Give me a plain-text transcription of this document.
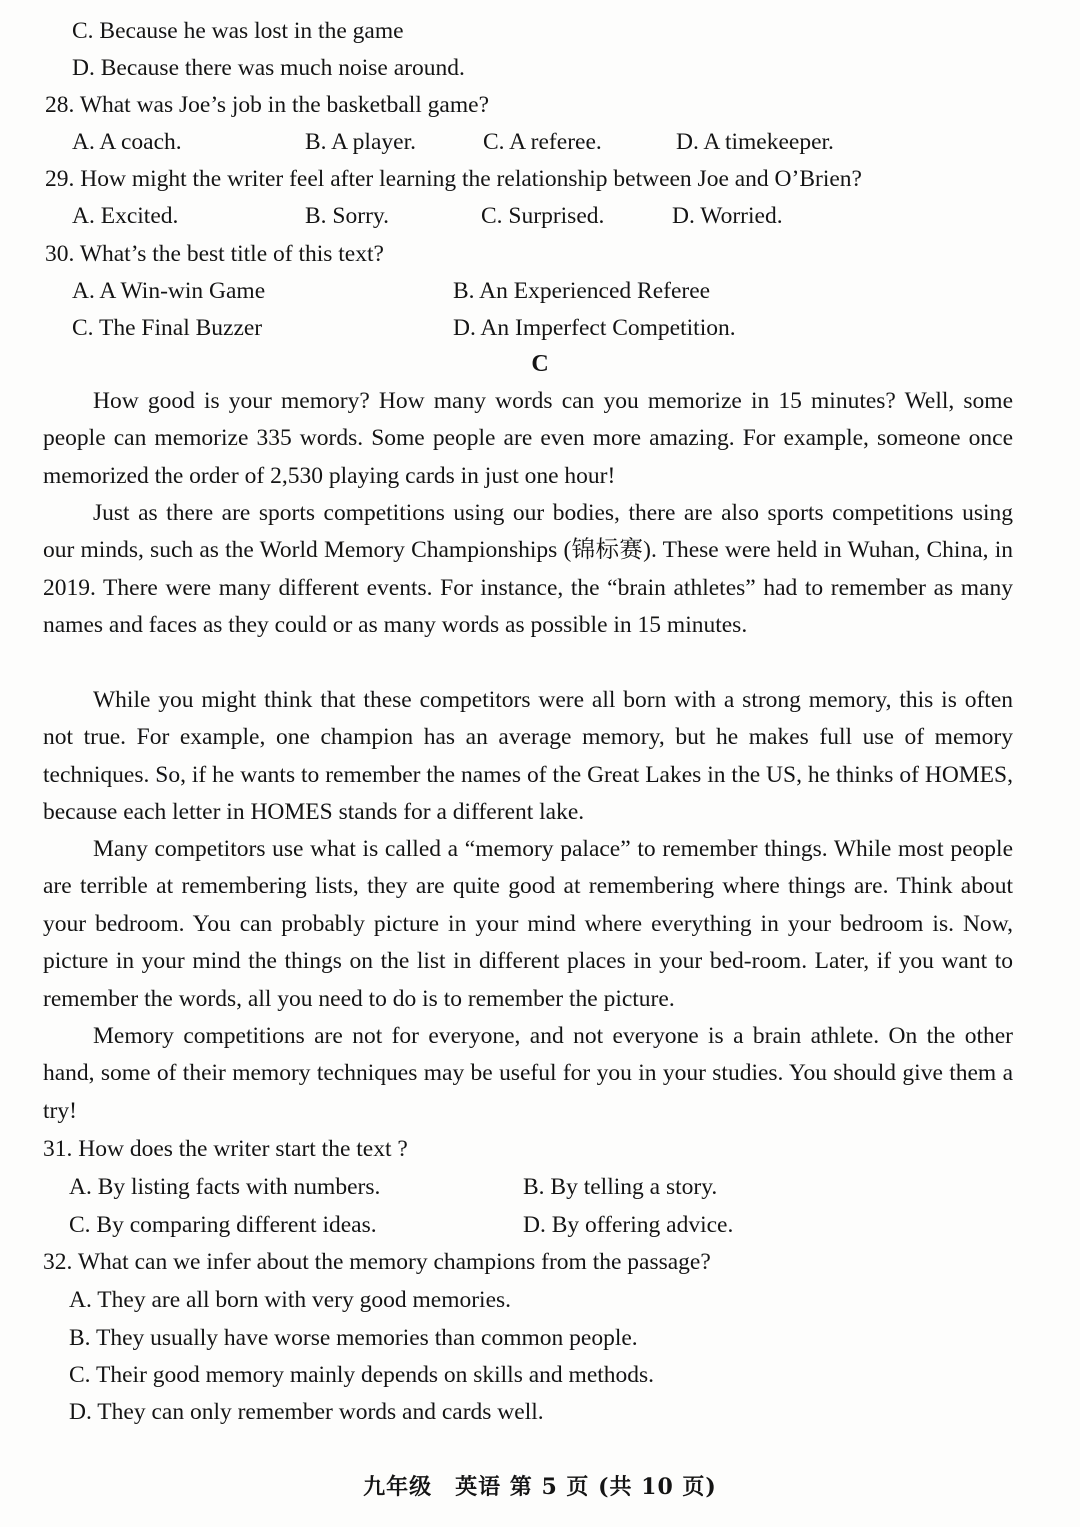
C. Because he was lost in the game
D. Because there was much noise around.
28. What was Joe’s job in the basketball game?
A. A coach.	B. A player.	C. A referee.	D. A timekeeper.
29. How might the writer feel after learning the relationship between Joe and O’Brien?
A. Excited.	B. Sorry.	C. Surprised.	D. Worried.
30. What’s the best title of this text?
A. A Win-win Game	B. An Experienced Referee
C. The Final Buzzer	D. An Imperfect Competition.
C
How good is your memory? How many words can you memorize in 15 minutes? Well, some people can memorize 335 words. Some people are even more amazing. For example, someone once memorized the order of 2,530 playing cards in just one hour!
Just as there are sports competitions using our bodies, there are also sports competitions using our minds, such as the World Memory Championships (锦标赛). These were held in Wuhan, China, in 2019. There were many different events. For instance, the “brain athletes” had to remember as many names and faces as they could or as many words as possible in 15 minutes.
While you might think that these competitors were all born with a strong memory, this is often not true. For example, one champion has an average memory, but he makes full use of memory techniques. So, if he wants to remember the names of the Great Lakes in the US, he thinks of HOMES, because each letter in HOMES stands for a different lake.
Many competitors use what is called a “memory palace” to remember things. While most people are terrible at remembering lists, they are quite good at remembering where things are. Think about your bedroom. You can probably picture in your mind where everything in your bedroom is. Now, picture in your mind the things on the list in different places in your bed-room. Later, if you want to remember the words, all you need to do is to remember the picture.
Memory competitions are not for everyone, and not everyone is a brain athlete. On the other hand, some of their memory techniques may be useful for you in your studies. You should give them a try!
31. How does the writer start the text ?
A. By listing facts with numbers.	B. By telling a story.
C. By comparing different ideas.	D. By offering advice.
32. What can we infer about the memory champions from the passage?
A. They are all born with very good memories.
B. They usually have worse memories than common people.
C. Their good memory mainly depends on skills and methods.
D. They can only remember words and cards well.
九年级　英语 第 5 页 (共 10 页)
